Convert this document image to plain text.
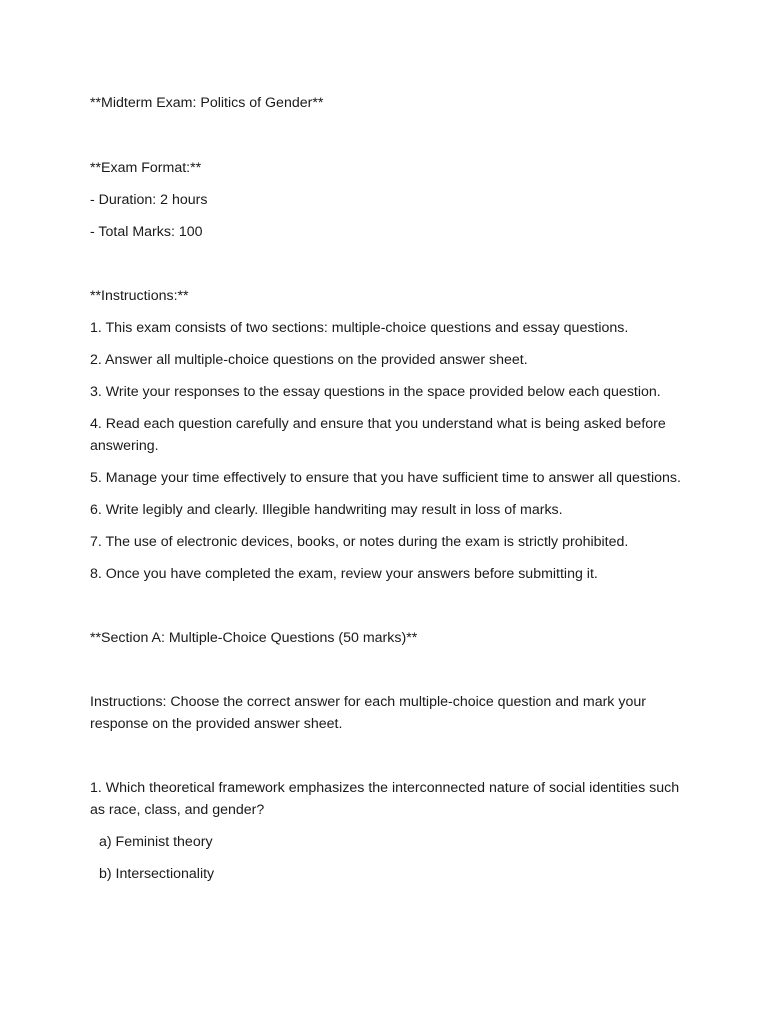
**Midterm Exam: Politics of Gender**

**Exam Format:**

- Duration: 2 hours

- Total Marks: 100

**Instructions:**

1. This exam consists of two sections: multiple-choice questions and essay questions.

2. Answer all multiple-choice questions on the provided answer sheet.

3. Write your responses to the essay questions in the space provided below each question.

4. Read each question carefully and ensure that you understand what is being asked before answering.

5. Manage your time effectively to ensure that you have sufficient time to answer all questions.

6. Write legibly and clearly. Illegible handwriting may result in loss of marks.

7. The use of electronic devices, books, or notes during the exam is strictly prohibited.

8. Once you have completed the exam, review your answers before submitting it.

**Section A: Multiple-Choice Questions (50 marks)**

Instructions: Choose the correct answer for each multiple-choice question and mark your response on the provided answer sheet.

1. Which theoretical framework emphasizes the interconnected nature of social identities such as race, class, and gender?

a) Feminist theory

b) Intersectionality
